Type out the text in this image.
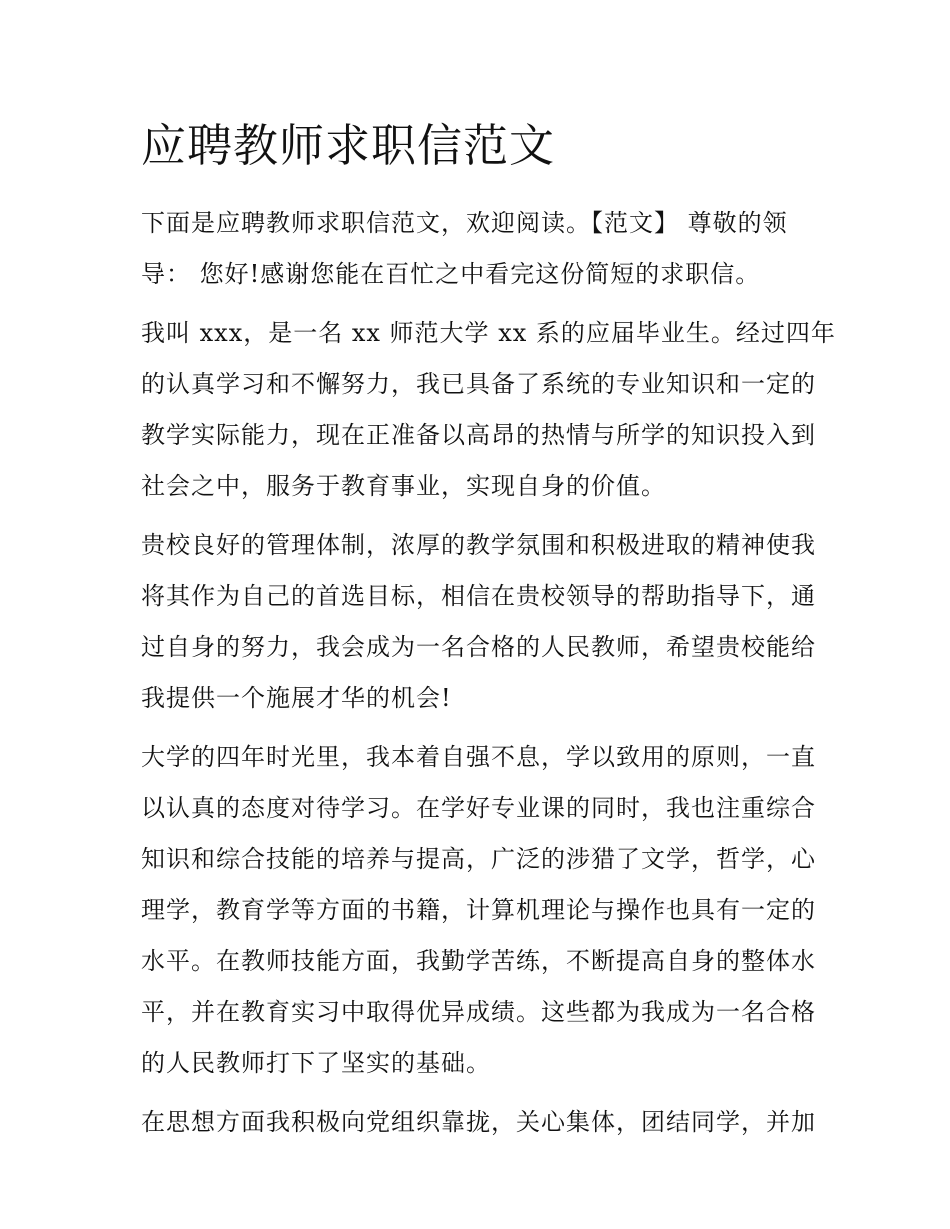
应聘教师求职信范文

下面是应聘教师求职信范文，欢迎阅读。【范文】 尊敬的领
导： 您好!感谢您能在百忙之中看完这份简短的求职信。

我叫 xxx，是一名 xx 师范大学 xx 系的应届毕业生。经过四年
的认真学习和不懈努力，我已具备了系统的专业知识和一定的
教学实际能力，现在正准备以高昂的热情与所学的知识投入到
社会之中，服务于教育事业，实现自身的价值。

贵校良好的管理体制，浓厚的教学氛围和积极进取的精神使我
将其作为自己的首选目标，相信在贵校领导的帮助指导下，通
过自身的努力，我会成为一名合格的人民教师，希望贵校能给
我提供一个施展才华的机会!

大学的四年时光里，我本着自强不息，学以致用的原则，一直
以认真的态度对待学习。在学好专业课的同时，我也注重综合
知识和综合技能的培养与提高，广泛的涉猎了文学，哲学，心
理学，教育学等方面的书籍，计算机理论与操作也具有一定的
水平。在教师技能方面，我勤学苦练，不断提高自身的整体水
平，并在教育实习中取得优异成绩。这些都为我成为一名合格
的人民教师打下了坚实的基础。

在思想方面我积极向党组织靠拢，关心集体，团结同学，并加
